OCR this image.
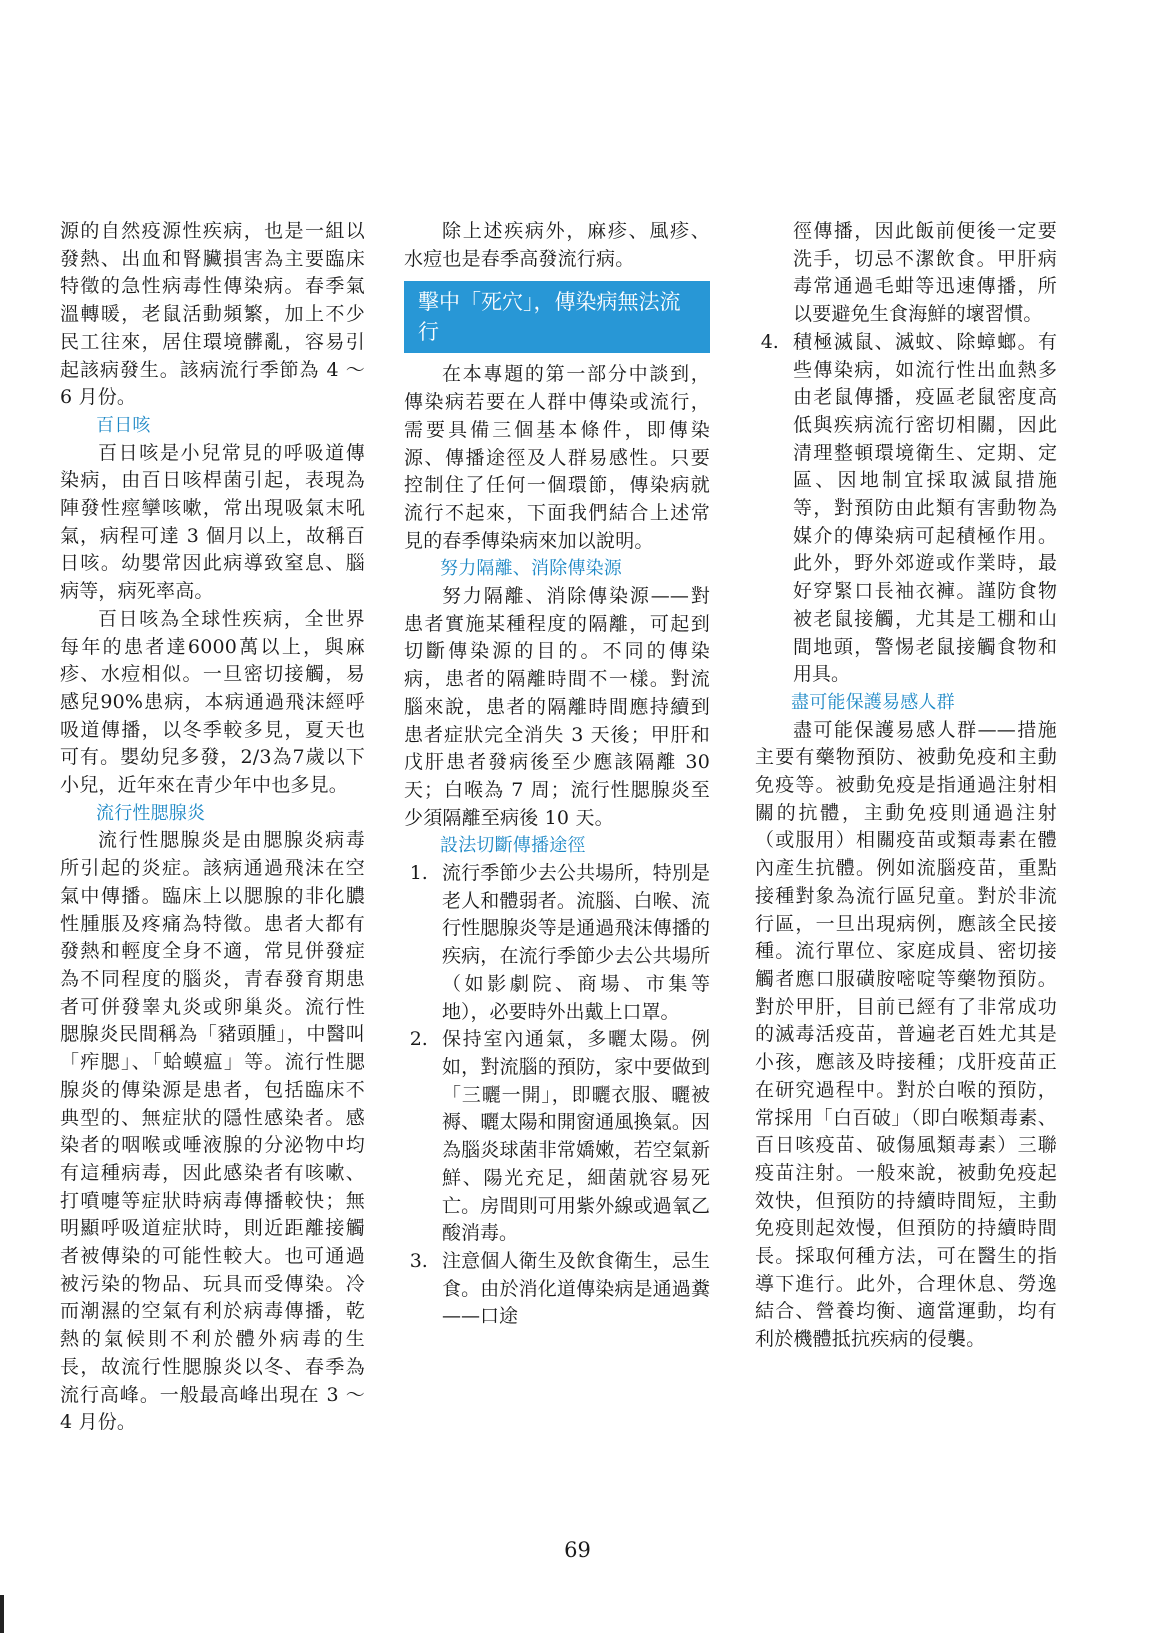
源的自然疫源性疾病，也是一組以發熱、出血和腎臟損害為主要臨床特徵的急性病毒性傳染病。春季氣溫轉暖，老鼠活動頻繁，加上不少民工往來，居住環境髒亂，容易引起該病發生。該病流行季節為 4 ～ 6 月份。

百日咳

百日咳是小兒常見的呼吸道傳染病，由百日咳桿菌引起，表現為陣發性痙攣咳嗽，常出現吸氣末吼氣，病程可達 3 個月以上，故稱百日咳。幼嬰常因此病導致窒息、腦病等，病死率高。

百日咳為全球性疾病，全世界每年的患者達6000萬以上，與麻疹、水痘相似。一旦密切接觸，易感兒90%患病，本病通過飛沫經呼吸道傳播，以冬季較多見，夏天也可有。嬰幼兒多發，2/3為7歲以下小兒，近年來在青少年中也多見。

流行性腮腺炎

流行性腮腺炎是由腮腺炎病毒所引起的炎症。該病通過飛沫在空氣中傳播。臨床上以腮腺的非化膿性腫脹及疼痛為特徵。患者大都有發熱和輕度全身不適，常見併發症為不同程度的腦炎，青春發育期患者可併發睾丸炎或卵巢炎。流行性腮腺炎民間稱為「豬頭腫」，中醫叫「痄腮」、「蛤蟆瘟」等。流行性腮腺炎的傳染源是患者，包括臨床不典型的、無症狀的隱性感染者。感染者的咽喉或唾液腺的分泌物中均有這種病毒，因此感染者有咳嗽、打噴嚏等症狀時病毒傳播較快；無明顯呼吸道症狀時，則近距離接觸者被傳染的可能性較大。也可通過被污染的物品、玩具而受傳染。冷而潮濕的空氣有利於病毒傳播，乾熱的氣候則不利於體外病毒的生長，故流行性腮腺炎以冬、春季為流行高峰。一般最高峰出現在 3 ～ 4 月份。

除上述疾病外，麻疹、風疹、水痘也是春季高發流行病。

擊中「死穴」，傳染病無法流行

在本專題的第一部分中談到，傳染病若要在人群中傳染或流行，需要具備三個基本條件，即傳染源、傳播途徑及人群易感性。只要控制住了任何一個環節，傳染病就流行不起來，下面我們結合上述常見的春季傳染病來加以說明。

努力隔離、消除傳染源

努力隔離、消除傳染源——對患者實施某種程度的隔離，可起到切斷傳染源的目的。不同的傳染病，患者的隔離時間不一樣。對流腦來說，患者的隔離時間應持續到患者症狀完全消失 3 天後；甲肝和戊肝患者發病後至少應該隔離 30 天；白喉為 7 周；流行性腮腺炎至少須隔離至病後 10 天。

設法切斷傳播途徑
1. 流行季節少去公共場所，特別是老人和體弱者。流腦、白喉、流行性腮腺炎等是通過飛沫傳播的疾病，在流行季節少去公共場所（如影劇院、商場、市集等地），必要時外出戴上口罩。
2. 保持室內通氣，多曬太陽。例如，對流腦的預防，家中要做到「三曬一開」，即曬衣服、曬被褥、曬太陽和開窗通風換氣。因為腦炎球菌非常嬌嫩，若空氣新鮮、陽光充足，細菌就容易死亡。房間則可用紫外線或過氧乙酸消毒。
3. 注意個人衛生及飲食衛生，忌生食。由於消化道傳染病是通過糞——口途

徑傳播，因此飯前便後一定要洗手，切忌不潔飲食。甲肝病毒常通過毛蚶等迅速傳播，所以要避免生食海鮮的壞習慣。

4. 積極滅鼠、滅蚊、除蟑螂。有些傳染病，如流行性出血熱多由老鼠傳播，疫區老鼠密度高低與疾病流行密切相關，因此清理整頓環境衛生、定期、定區、因地制宜採取滅鼠措施等，對預防由此類有害動物為媒介的傳染病可起積極作用。此外，野外郊遊或作業時，最好穿緊口長袖衣褲。謹防食物被老鼠接觸，尤其是工棚和山間地頭，警惕老鼠接觸食物和用具。
盡可能保護易感人群

盡可能保護易感人群——措施主要有藥物預防、被動免疫和主動免疫等。被動免疫是指通過注射相關的抗體，主動免疫則通過注射（或服用）相關疫苗或類毒素在體內產生抗體。例如流腦疫苗，重點接種對象為流行區兒童。對於非流行區，一旦出現病例，應該全民接種。流行單位、家庭成員、密切接觸者應口服磺胺嘧啶等藥物預防。對於甲肝，目前已經有了非常成功的滅毒活疫苗，普遍老百姓尤其是小孩，應該及時接種；戊肝疫苗正在研究過程中。對於白喉的預防，常採用「白百破」（即白喉類毒素、百日咳疫苗、破傷風類毒素）三聯疫苗注射。一般來說，被動免疫起效快，但預防的持續時間短，主動免疫則起效慢，但預防的持續時間長。採取何種方法，可在醫生的指導下進行。此外，合理休息、勞逸結合、營養均衡、適當運動，均有利於機體抵抗疾病的侵襲。

69
